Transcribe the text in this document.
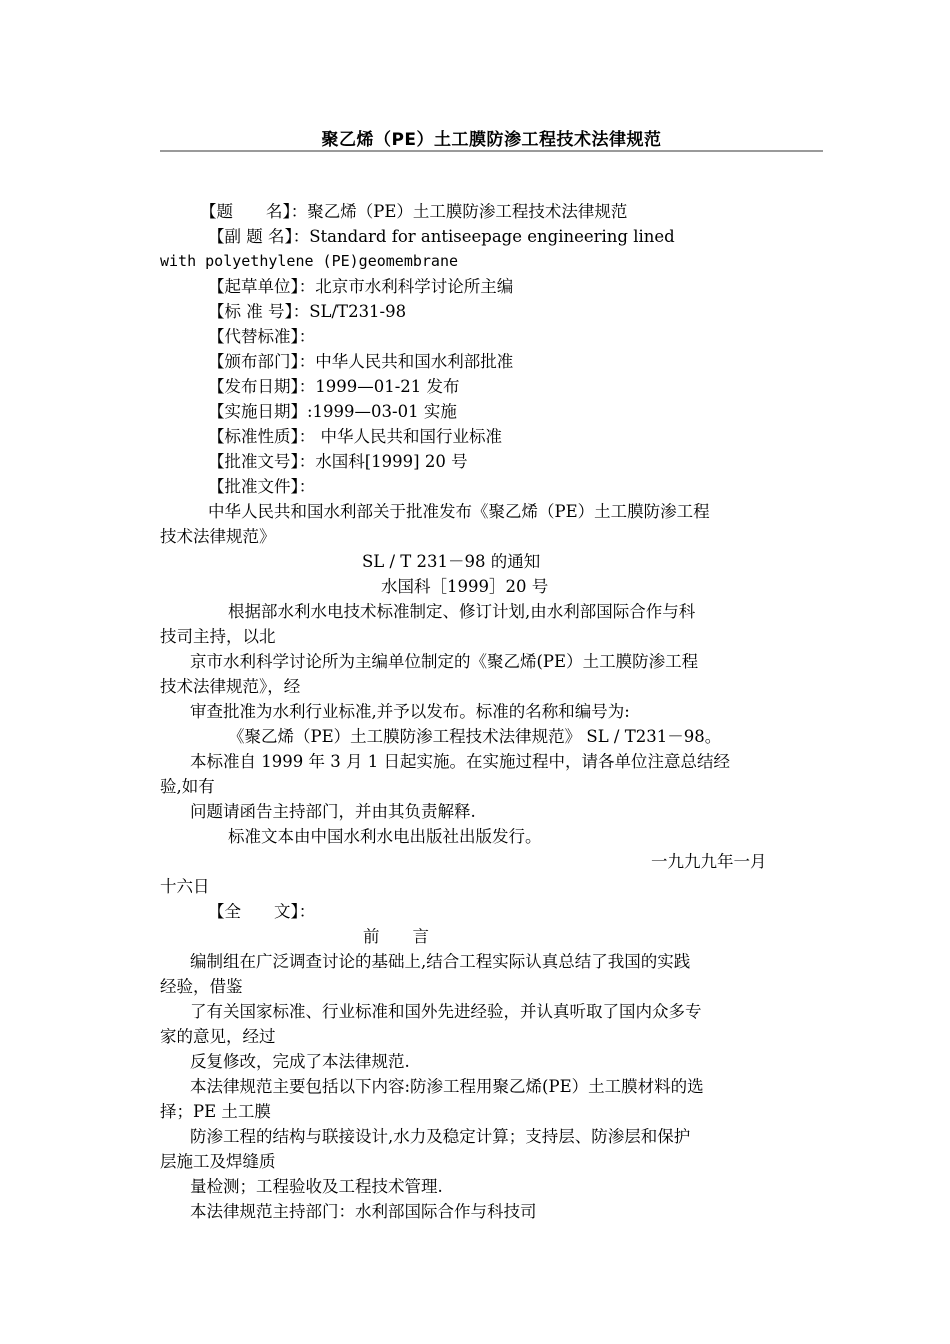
聚乙烯（PE）土工膜防渗工程技术法律规范
【题　　名】：聚乙烯（PE）土工膜防渗工程技术法律规范
【副 题 名】：Standard for antiseepage engineering lined
with polyethylene (PE)geomembrane
【起草单位】：北京市水利科学讨论所主编
【标 准 号】：SL/T231-98
【代替标准】：
【颁布部门】：中华人民共和国水利部批准
【发布日期】：1999—01-21 发布
【实施日期】:1999—03-01 实施
【标准性质】： 中华人民共和国行业标准
【批准文号】：水国科[1999] 20 号
【批准文件】：
中华人民共和国水利部关于批准发布《聚乙烯（PE）土工膜防渗工程
技术法律规范》
SL / T 231－98 的通知
水国科［1999］20 号
根据部水利水电技术标准制定、修订计划,由水利部国际合作与科
技司主持，以北
京市水利科学讨论所为主编单位制定的《聚乙烯(PE）土工膜防渗工程
技术法律规范》，经
审查批准为水利行业标准,并予以发布。标准的名称和编号为:
《聚乙烯（PE）土工膜防渗工程技术法律规范》 SL / T231－98。
本标准自 1999 年 3 月 1 日起实施。在实施过程中，请各单位注意总结经
验,如有
问题请函告主持部门，并由其负责解释.
标准文本由中国水利水电出版社出版发行。
一九九九年一月
十六日
【全　　文】：
前　　言
编制组在广泛调查讨论的基础上,结合工程实际认真总结了我国的实践
经验，借鉴
了有关国家标准、行业标准和国外先进经验，并认真听取了国内众多专
家的意见，经过
反复修改，完成了本法律规范.
本法律规范主要包括以下内容:防渗工程用聚乙烯(PE）土工膜材料的选
择；PE 土工膜
防渗工程的结构与联接设计,水力及稳定计算；支持层、防渗层和保护
层施工及焊缝质
量检测；工程验收及工程技术管理.
本法律规范主持部门：水利部国际合作与科技司
